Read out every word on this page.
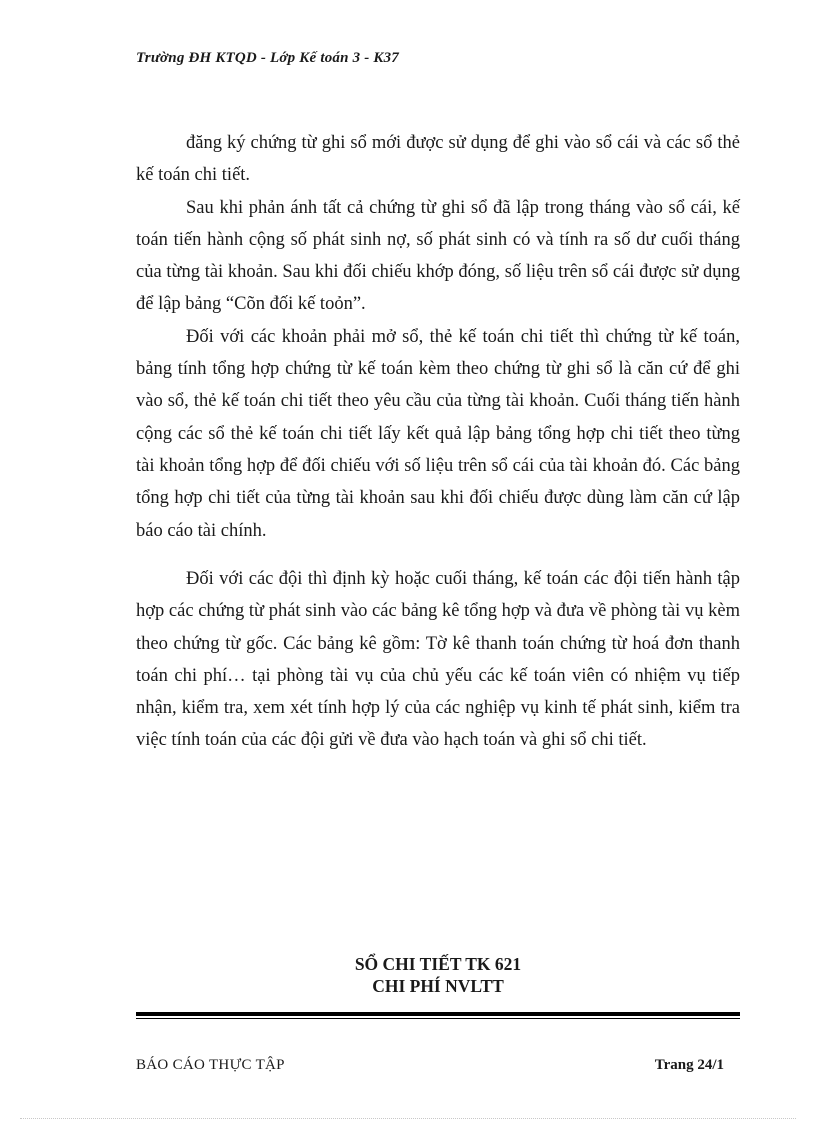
Trường ĐH KTQD - Lớp Kế toán 3 - K37

đăng ký chứng từ ghi sổ mới được sử dụng để ghi vào sổ cái và các sổ thẻ kế toán chi tiết.

Sau khi phản ánh tất cả chứng từ ghi sổ đã lập trong tháng vào sổ cái, kế toán tiến hành cộng số phát sinh nợ, số phát sinh có và tính ra số dư cuối tháng của từng tài khoản. Sau khi đối chiếu khớp đóng, số liệu trên sổ cái được sử dụng để lập bảng “Cõn đối kế toỏn”.

Đối với các khoản phải mở sổ, thẻ kế toán chi tiết thì chứng từ kế toán, bảng tính tổng hợp chứng từ kế toán kèm theo chứng từ ghi sổ là căn cứ để ghi vào sổ, thẻ kế toán chi tiết theo yêu cầu của từng tài khoản. Cuối tháng tiến hành cộng các sổ thẻ kế toán chi tiết lấy kết quả lập bảng tổng hợp chi tiết theo từng tài khoản tổng hợp để đối chiếu với số liệu trên sổ cái của tài khoản đó. Các bảng tổng hợp chi tiết của từng tài khoản sau khi đối chiếu được dùng làm căn cứ lập báo cáo tài chính.

Đối với các đội thì định kỳ hoặc cuối tháng, kế toán các đội tiến hành tập hợp các chứng từ phát sinh vào các bảng kê tổng hợp và đưa về phòng tài vụ kèm theo chứng từ gốc. Các bảng kê gồm: Tờ kê thanh toán chứng từ hoá đơn thanh toán chi phí… tại phòng tài vụ của chủ yếu các kế toán viên có nhiệm vụ tiếp nhận, kiểm tra, xem xét tính hợp lý của các nghiệp vụ kinh tế phát sinh, kiểm tra việc tính toán của các đội gửi về đưa vào hạch toán và ghi sổ chi tiết.

SỔ CHI TIẾT TK 621
CHI PHÍ NVLTT
BÁO CÁO THỰC TẬP	Trang 24/1
